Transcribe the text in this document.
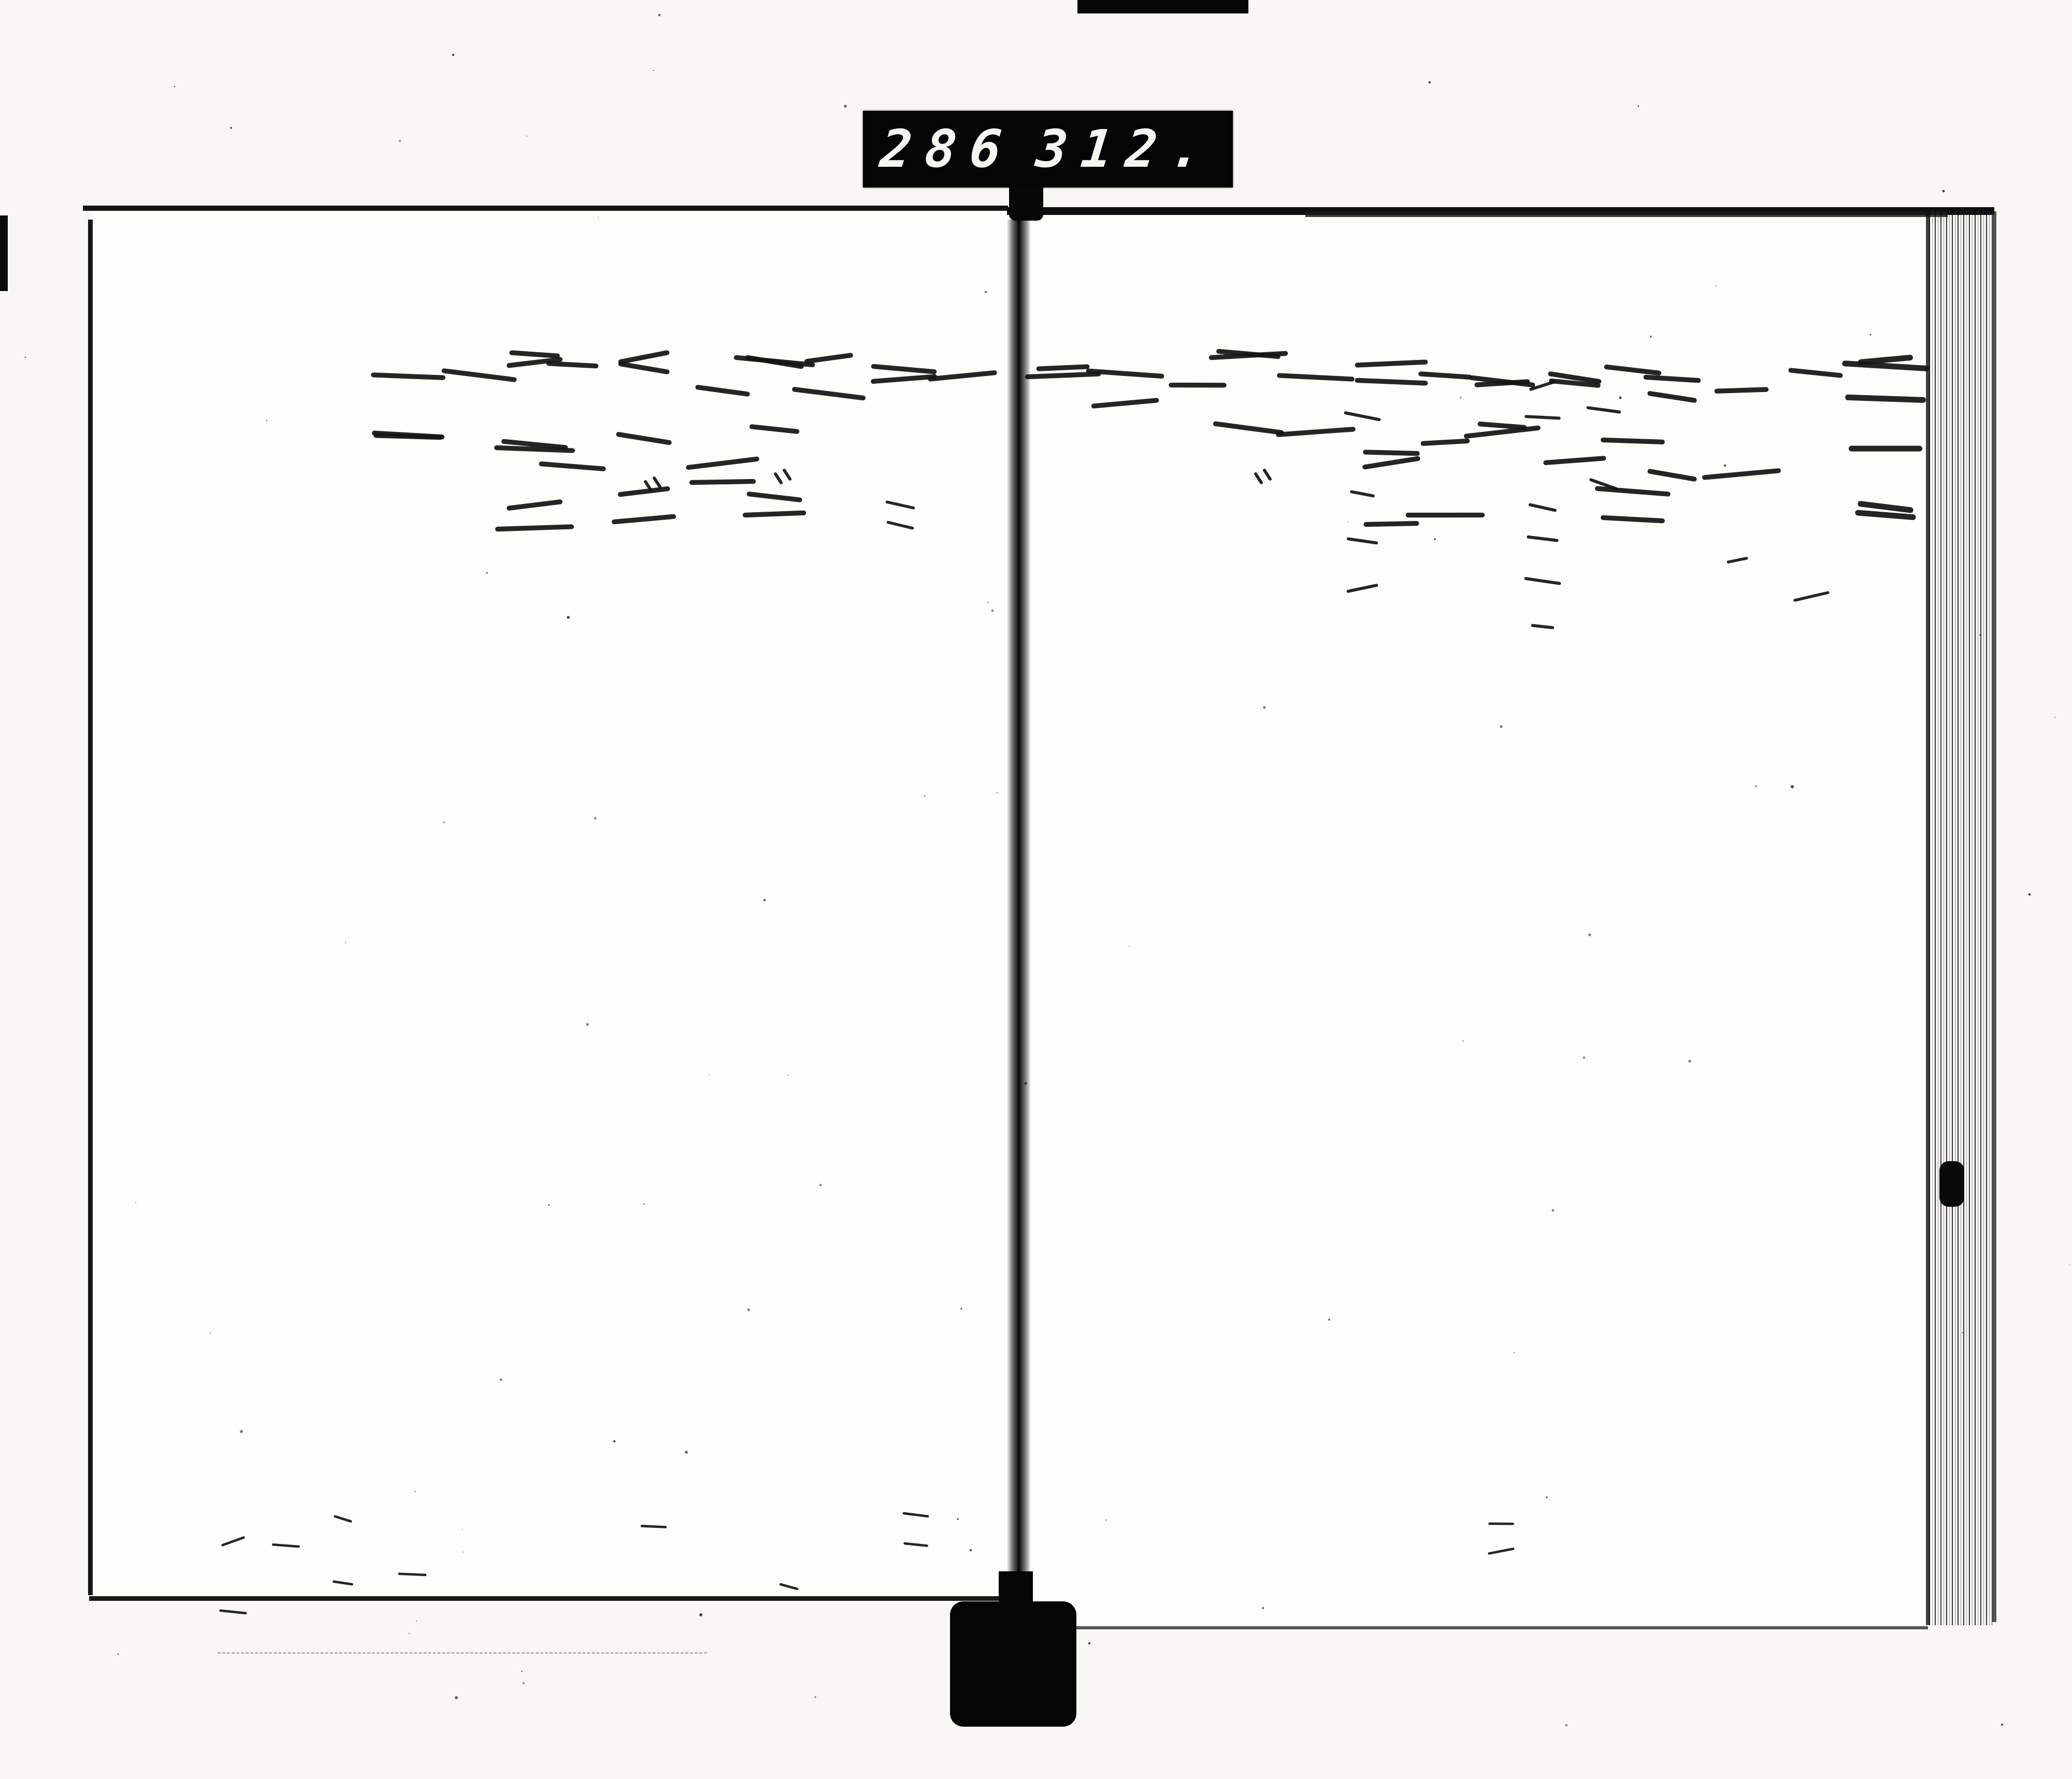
286 312.
